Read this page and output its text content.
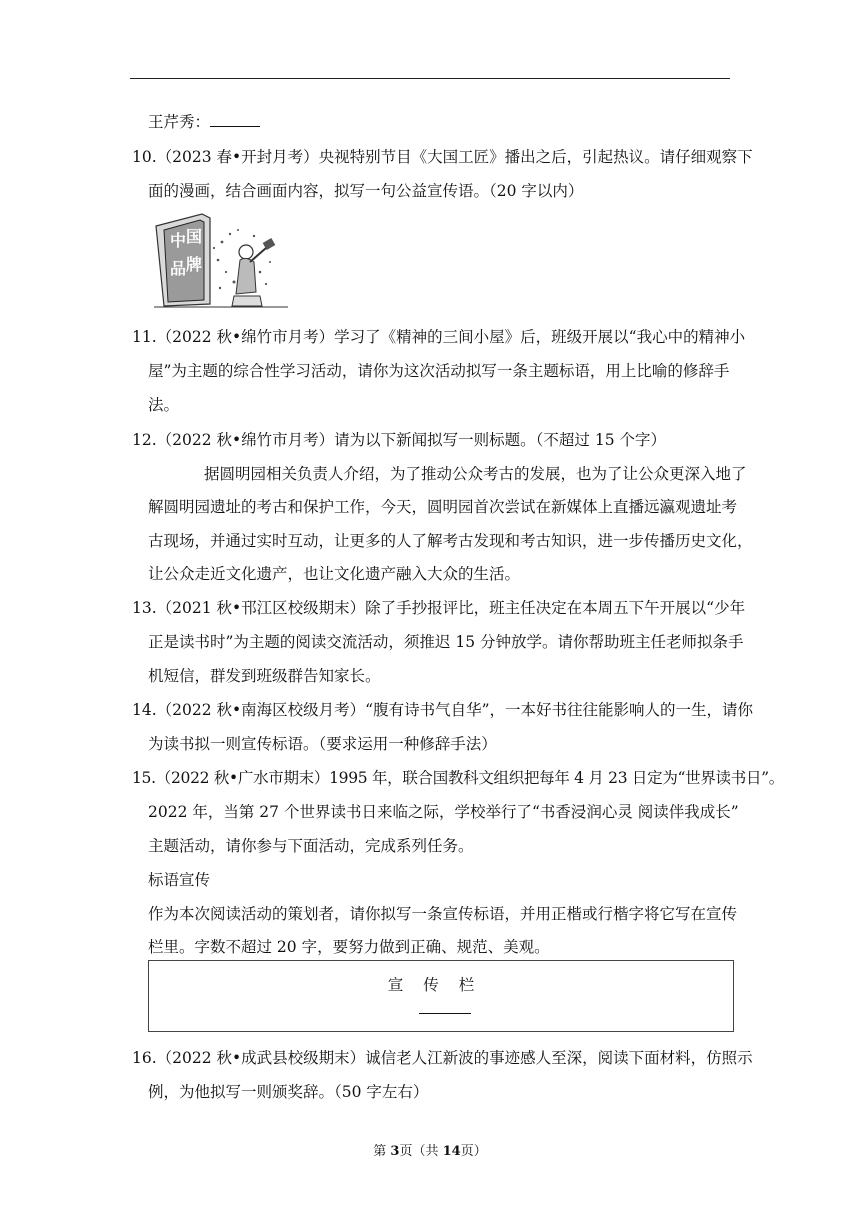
王芹秀：
10.（2023 春•开封月考）央视特别节目《大国工匠》播出之后，引起热议。请仔细观察下
面的漫画，结合画面内容，拟写一句公益宣传语。（20 字以内）
中 国
品 牌
11.（2022 秋•绵竹市月考）学习了《精神的三间小屋》后，班级开展以“我心中的精神小
屋”为主题的综合性学习活动，请你为这次活动拟写一条主题标语，用上比喻的修辞手
法。
12.（2022 秋•绵竹市月考）请为以下新闻拟写一则标题。（不超过 15 个字）
据圆明园相关负责人介绍，为了推动公众考古的发展，也为了让公众更深入地了
解圆明园遗址的考古和保护工作，今天，圆明园首次尝试在新媒体上直播远瀛观遗址考
古现场，并通过实时互动，让更多的人了解考古发现和考古知识，进一步传播历史文化，
让公众走近文化遗产，也让文化遗产融入大众的生活。
13.（2021 秋•邗江区校级期末）除了手抄报评比，班主任决定在本周五下午开展以“少年
正是读书时”为主题的阅读交流活动，须推迟 15 分钟放学。请你帮助班主任老师拟条手
机短信，群发到班级群告知家长。
14.（2022 秋•南海区校级月考）“腹有诗书气自华”，一本好书往往能影响人的一生，请你
为读书拟一则宣传标语。（要求运用一种修辞手法）
15.（2022 秋•广水市期末）1995 年，联合国教科文组织把每年 4 月 23 日定为“世界读书日”。
2022 年，当第 27 个世界读书日来临之际，学校举行了“书香浸润心灵 阅读伴我成长”
主题活动，请你参与下面活动，完成系列任务。
标语宣传
作为本次阅读活动的策划者，请你拟写一条宣传标语，并用正楷或行楷字将它写在宣传
栏里。字数不超过 20 字，要努力做到正确、规范、美观。
宣传栏
16.（2022 秋•成武县校级期末）诚信老人江新波的事迹感人至深，阅读下面材料，仿照示
例，为他拟写一则颁奖辞。（50 字左右）
第 3页（共 14页）
